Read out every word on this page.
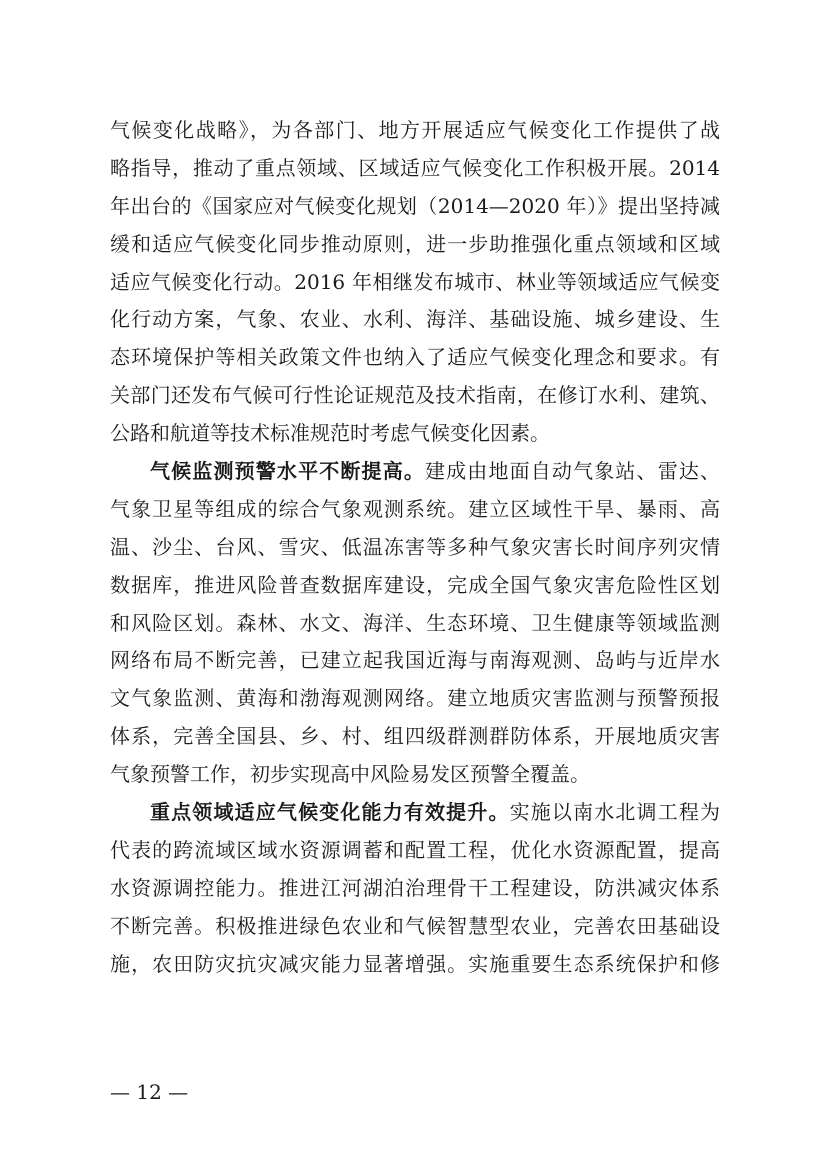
气候变化战略》，为各部门、地方开展适应气候变化工作提供了战
略指导，推动了重点领域、区域适应气候变化工作积极开展。2014
年出台的《国家应对气候变化规划（2014—2020 年）》提出坚持减
缓和适应气候变化同步推动原则，进一步助推强化重点领域和区域
适应气候变化行动。2016 年相继发布城市、林业等领域适应气候变
化行动方案，气象、农业、水利、海洋、基础设施、城乡建设、生
态环境保护等相关政策文件也纳入了适应气候变化理念和要求。有
关部门还发布气候可行性论证规范及技术指南，在修订水利、建筑、
公路和航道等技术标准规范时考虑气候变化因素。
气候监测预警水平不断提高。建成由地面自动气象站、雷达、
气象卫星等组成的综合气象观测系统。建立区域性干旱、暴雨、高
温、沙尘、台风、雪灾、低温冻害等多种气象灾害长时间序列灾情
数据库，推进风险普查数据库建设，完成全国气象灾害危险性区划
和风险区划。森林、水文、海洋、生态环境、卫生健康等领域监测
网络布局不断完善，已建立起我国近海与南海观测、岛屿与近岸水
文气象监测、黄海和渤海观测网络。建立地质灾害监测与预警预报
体系，完善全国县、乡、村、组四级群测群防体系，开展地质灾害
气象预警工作，初步实现高中风险易发区预警全覆盖。
重点领域适应气候变化能力有效提升。实施以南水北调工程为
代表的跨流域区域水资源调蓄和配置工程，优化水资源配置，提高
水资源调控能力。推进江河湖泊治理骨干工程建设，防洪减灾体系
不断完善。积极推进绿色农业和气候智慧型农业，完善农田基础设
施，农田防灾抗灾减灾能力显著增强。实施重要生态系统保护和修
— 12 —
